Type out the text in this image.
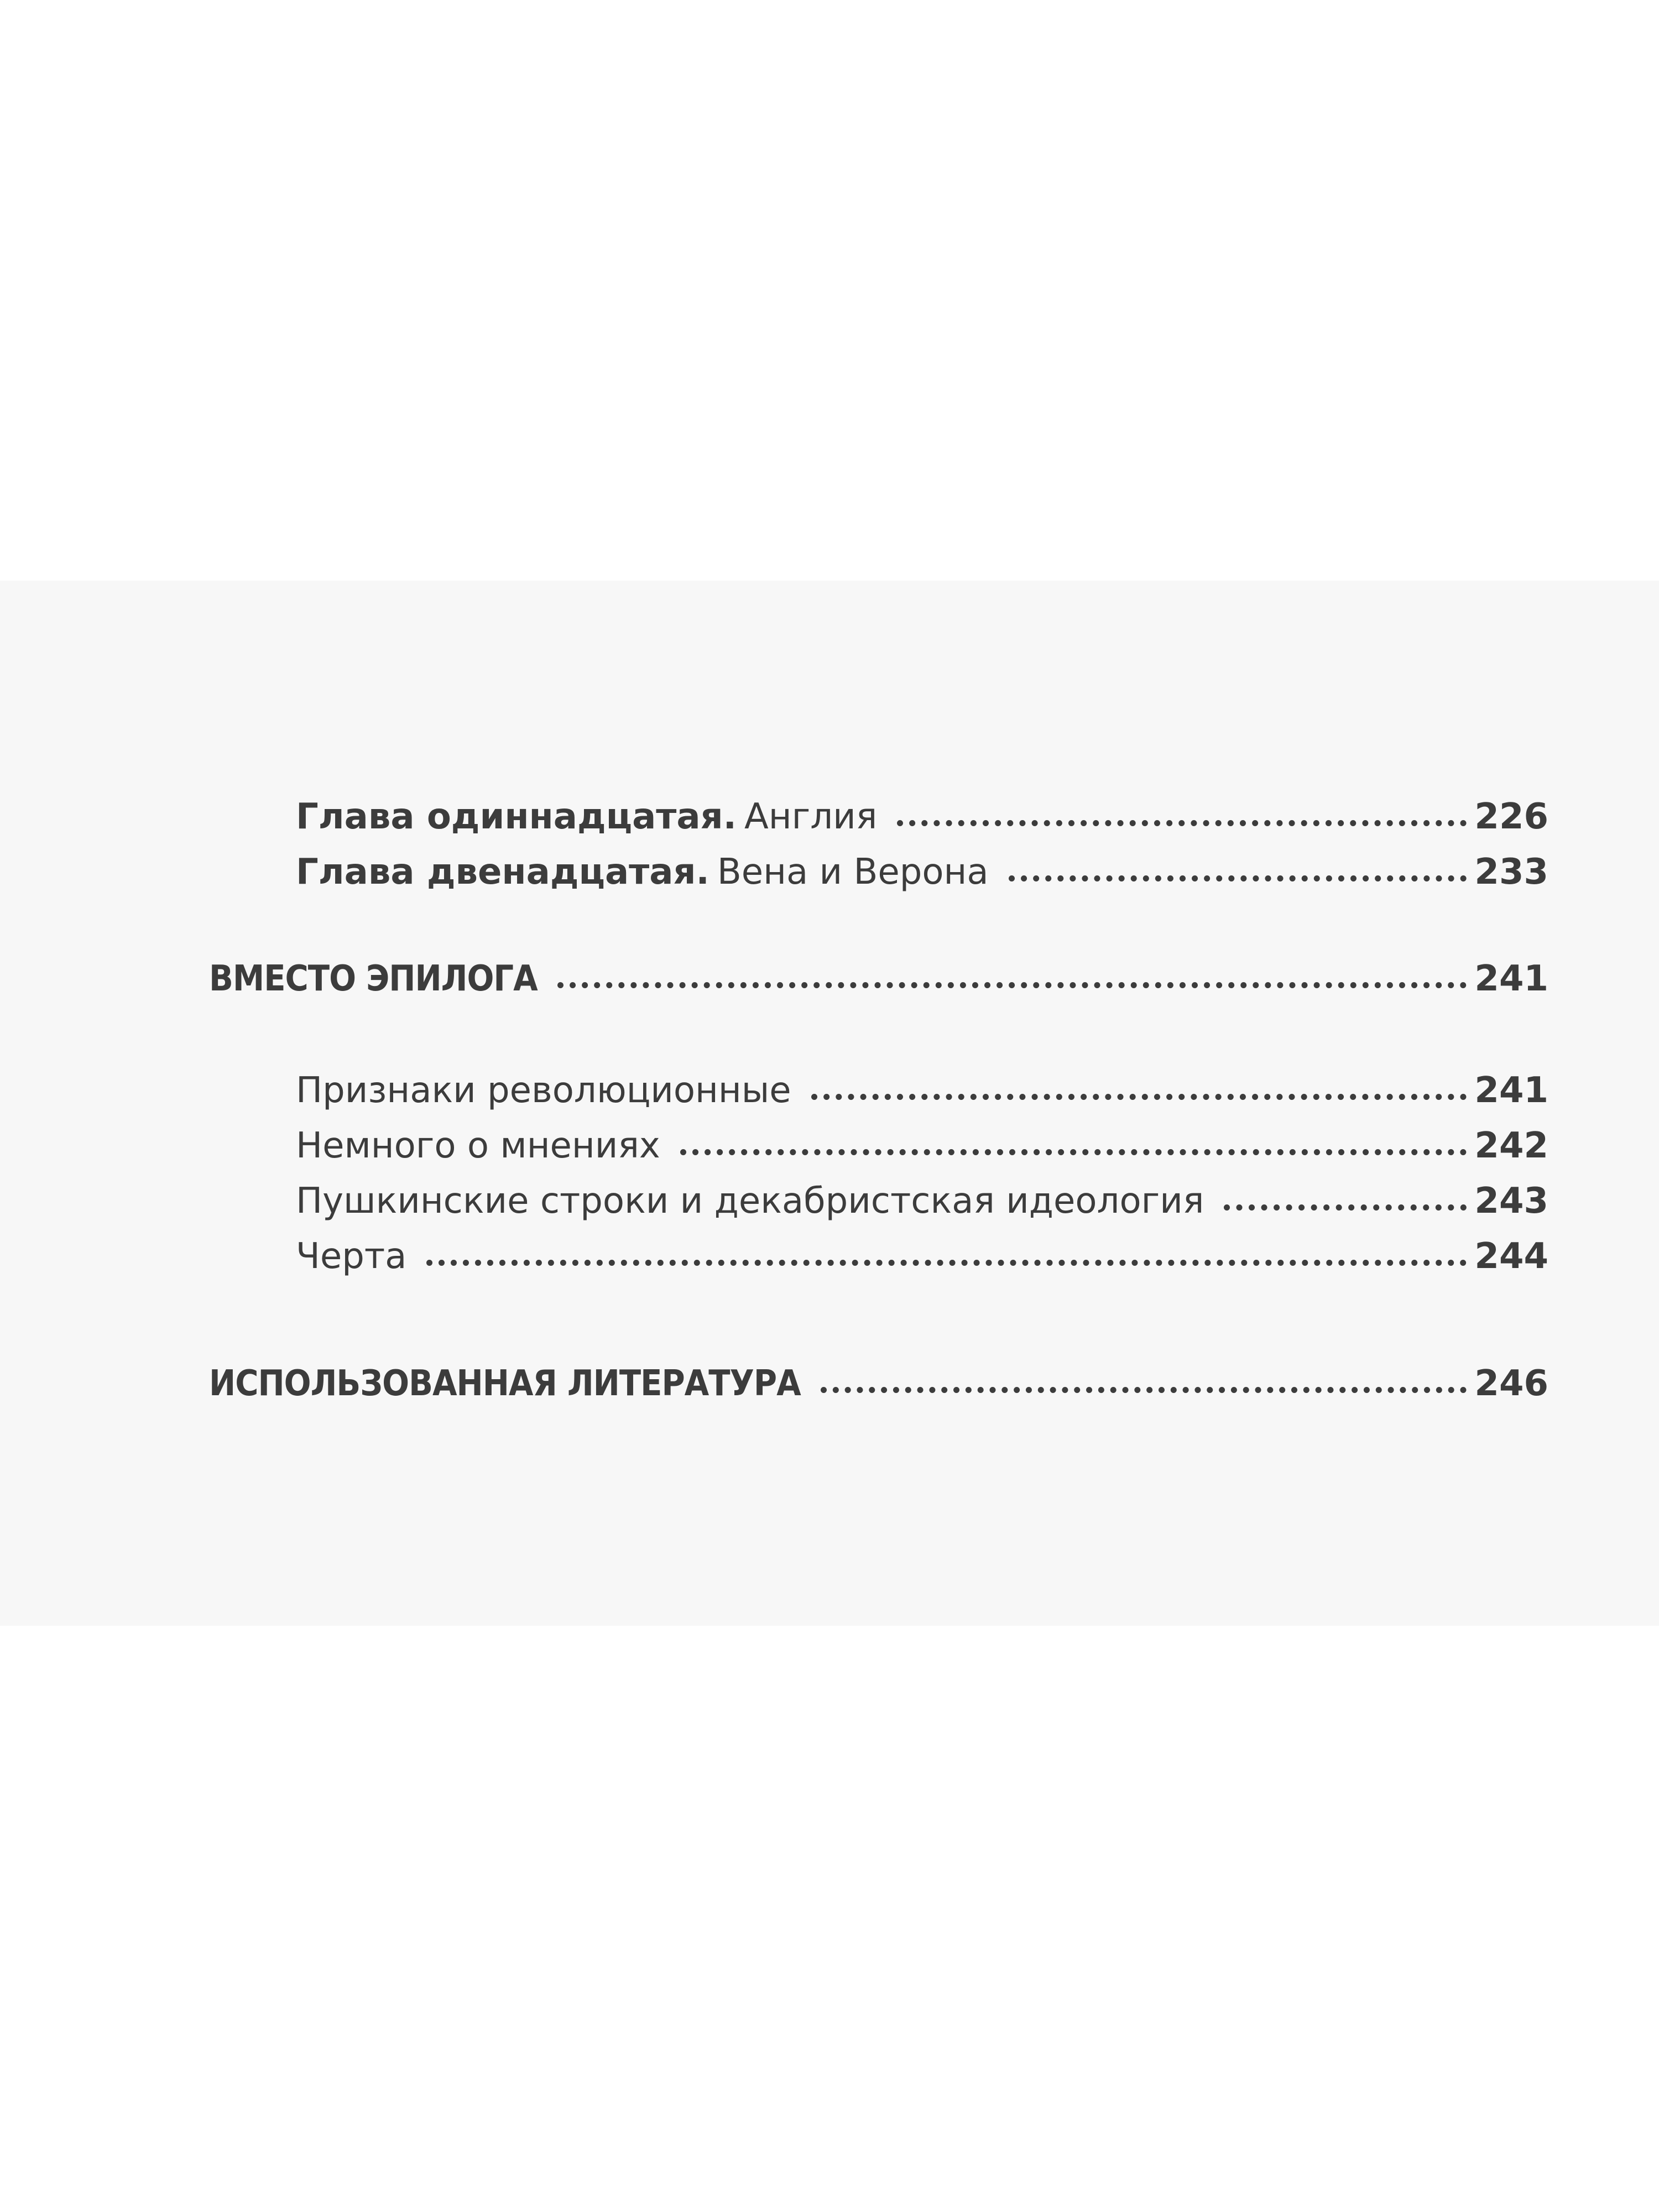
Глава одиннадцатая. Англия	226
Глава двенадцатая. Вена и Верона	233
ВМЕСТО ЭПИЛОГА	241
Признаки революционные	241
Немного о мнениях	242
Пушкинские строки и декабристская идеология	243
Черта	244
ИСПОЛЬЗОВАННАЯ ЛИТЕРАТУРА	246
